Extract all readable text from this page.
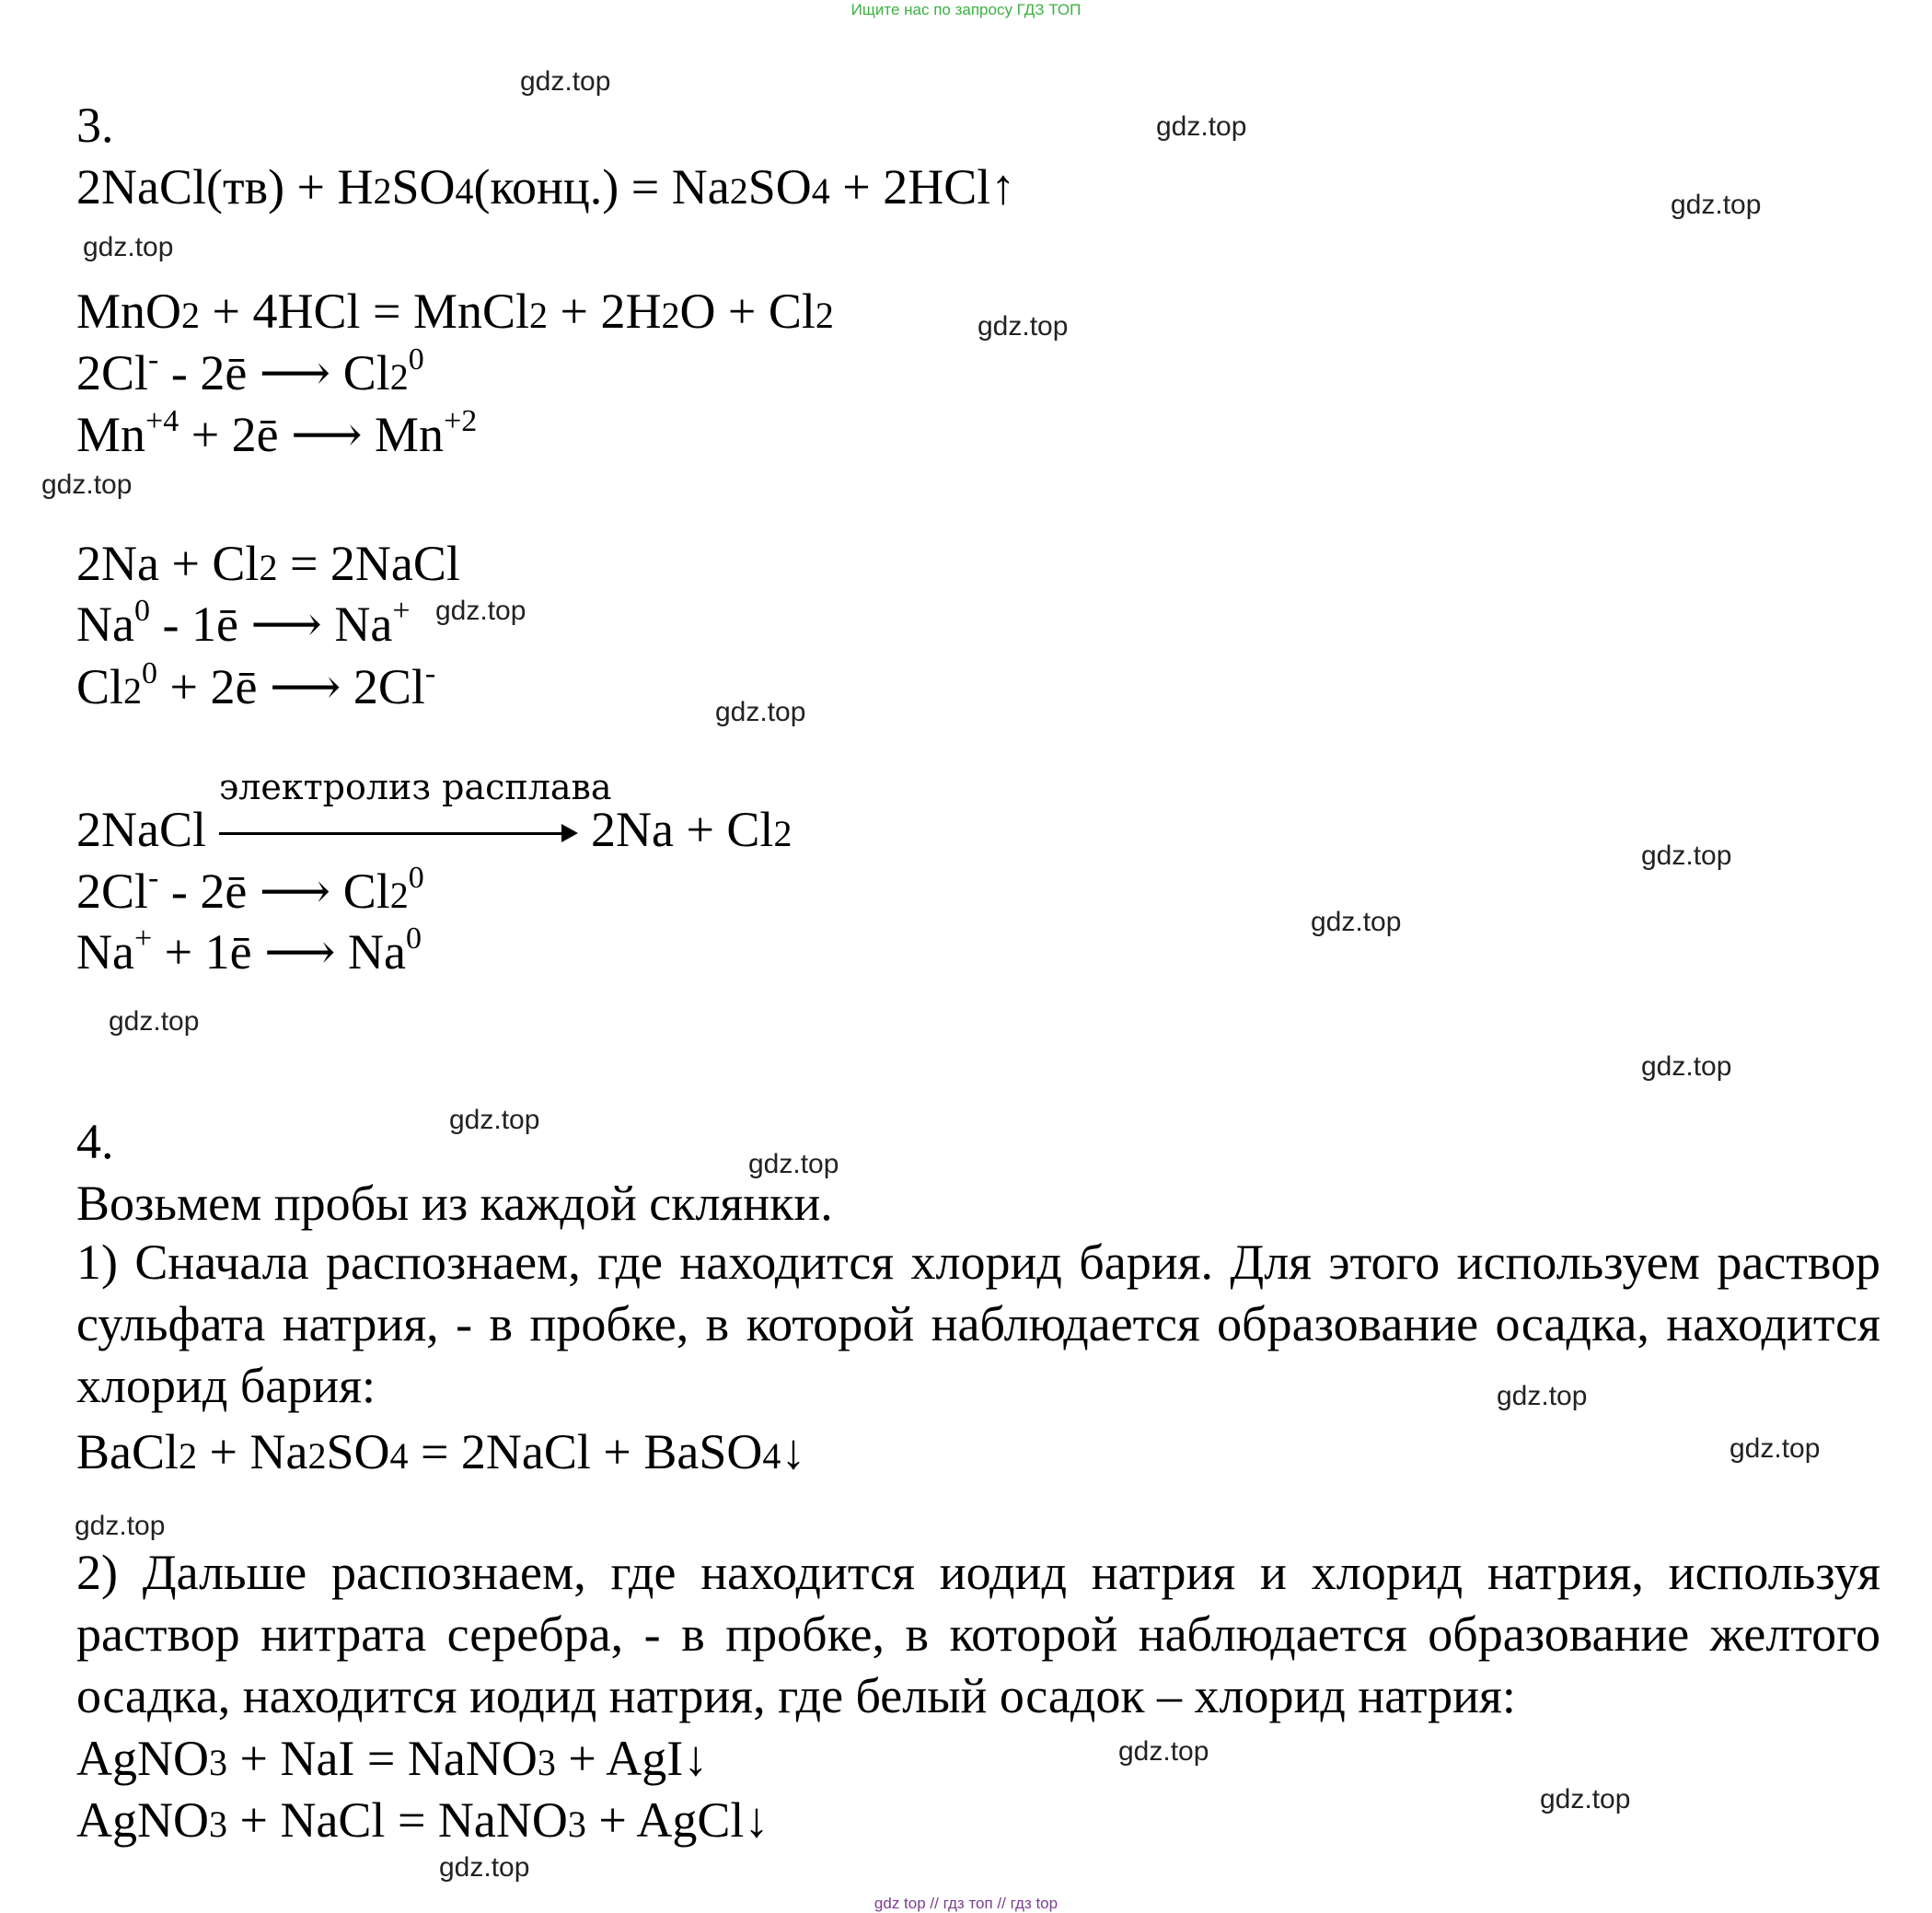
Ищите нас по запросу ГДЗ ТОП
gdz.top
gdz.top
gdz.top
gdz.top
gdz.top
gdz.top
gdz.top
gdz.top
gdz.top
gdz.top
gdz.top
gdz.top
gdz.top
gdz.top
gdz.top
gdz.top
gdz.top
gdz.top
gdz.top
gdz.top
3.
2NaCl(тв) + H2SO4(конц.) = Na2SO4 + 2HCl↑
MnO2 + 4HCl = MnCl2 + 2H2O + Cl2
2Cl- - 2ē ⟶ $Cl2^0$
$Mn^{+4}$ + 2ē ⟶ $Mn^{+2}$
2Na + Cl2 = 2NaCl
Na$^0$ - 1ē ⟶ Na+
$Cl2^0$ + 2ē ⟶ 2Cl-
2NaCl
электролиз расплава
2Na + Cl2
2Cl- - 2ē ⟶ $Cl2^0$
Na+ + 1ē ⟶ Na$^0$
4.
Возьмем пробы из каждой склянки.
1) Сначала распознаем, где находится хлорид бария. Для этого используем раствор сульфата натрия, - в пробке, в которой наблюдается образование осадка, находится хлорид бария:
BaCl2 + Na2SO4 = 2NaCl + BaSO4↓
2) Дальше распознаем, где находится иодид натрия и хлорид натрия, используя раствор нитрата серебра, - в пробке, в которой наблюдается образование желтого осадка, находится иодид натрия, где белый осадок – хлорид натрия:
AgNO3 + NaI = NaNO3 + AgI↓
AgNO3 + NaCl = NaNO3 + AgCl↓
gdz top // гдз топ // гдз top
